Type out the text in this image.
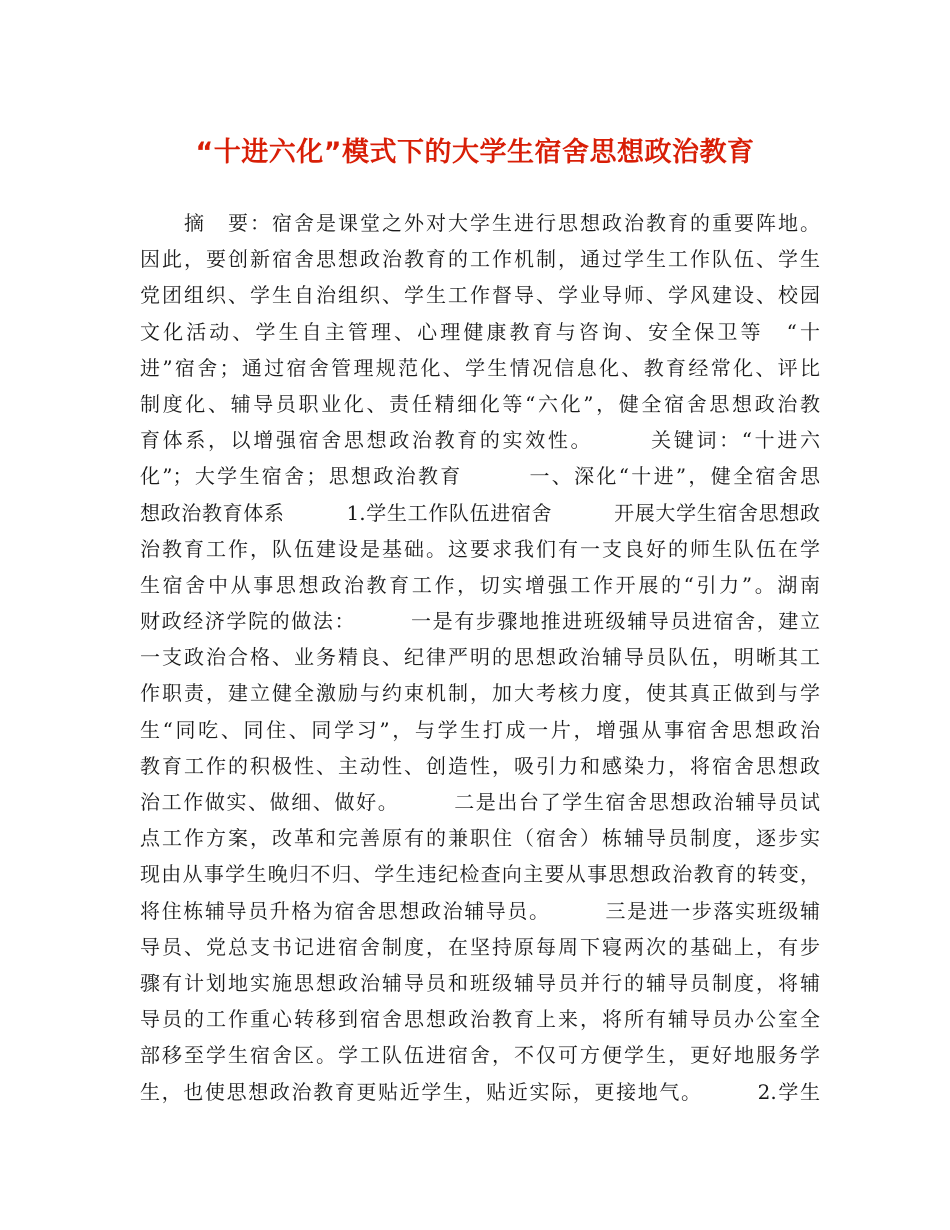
“十进六化”模式下的大学生宿舍思想政治教育
　　摘　要：宿舍是课堂之外对大学生进行思想政治教育的重要阵地。
因此，要创新宿舍思想政治教育的工作机制，通过学生工作队伍、学生
党团组织、学生自治组织、学生工作督导、学业导师、学风建设、校园
文化活动、学生自主管理、心理健康教育与咨询、安全保卫等　“十
进”宿舍；通过宿舍管理规范化、学生情况信息化、教育经常化、评比
制度化、辅导员职业化、责任精细化等“六化”，健全宿舍思想政治教
育体系，以增强宿舍思想政治教育的实效性。　　　关键词：“十进六
化”；大学生宿舍；思想政治教育　　　一、深化“十进”，健全宿舍思
想政治教育体系　　　1.学生工作队伍进宿舍　　　开展大学生宿舍思想政
治教育工作，队伍建设是基础。这要求我们有一支良好的师生队伍在学
生宿舍中从事思想政治教育工作，切实增强工作开展的“引力”。湖南
财政经济学院的做法：　　　一是有步骤地推进班级辅导员进宿舍，建立
一支政治合格、业务精良、纪律严明的思想政治辅导员队伍，明晰其工
作职责，建立健全激励与约束机制，加大考核力度，使其真正做到与学
生“同吃、同住、同学习”，与学生打成一片，增强从事宿舍思想政治
教育工作的积极性、主动性、创造性，吸引力和感染力，将宿舍思想政
治工作做实、做细、做好。　　　二是出台了学生宿舍思想政治辅导员试
点工作方案，改革和完善原有的兼职住（宿舍）栋辅导员制度，逐步实
现由从事学生晚归不归、学生违纪检查向主要从事思想政治教育的转变，
将住栋辅导员升格为宿舍思想政治辅导员。　　　三是进一步落实班级辅
导员、党总支书记进宿舍制度，在坚持原每周下寝两次的基础上，有步
骤有计划地实施思想政治辅导员和班级辅导员并行的辅导员制度，将辅
导员的工作重心转移到宿舍思想政治教育上来，将所有辅导员办公室全
部移至学生宿舍区。学工队伍进宿舍，不仅可方便学生，更好地服务学
生，也使思想政治教育更贴近学生，贴近实际，更接地气。　　　2.学生
